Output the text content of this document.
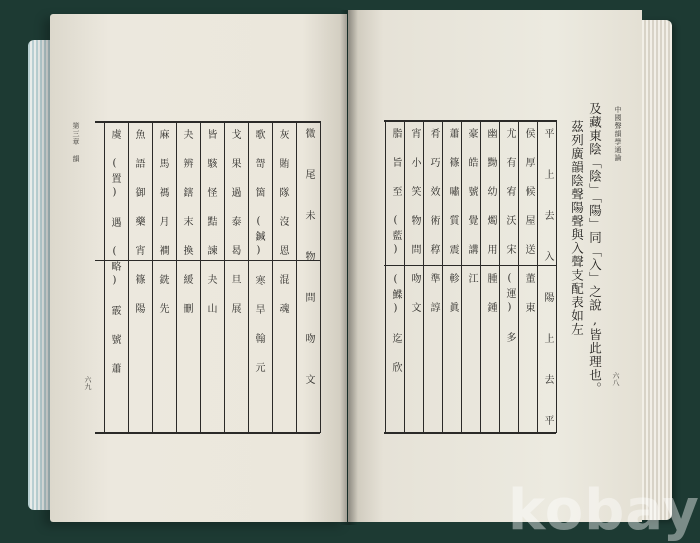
第三章 韻
六九	微 尾 未 物 問 吻 文
灰 賄 隊 沒 恩 混 魂
歌 哿 箇 (鍼) 寒 旱 翰 元
戈 果 過 泰 曷 旦 展
皆 駭 怪 黠 諫 夬 山
夬 辨 鎋 末 換 緩 刪
麻 馬 禡 月 襇 銑 先
魚 語 御 藥 宵 篠 陽
虞 (置) 遇 (略) 霰 號 蕭	中國聲韻學通論
六八
及藏東陰「陰」「陽」同「入」之說,皆此理也。
茲列廣韻陰聲陽聲與入聲支配表如左
平 上 去 入 陽 上 去 平
侯 厚 候 屋 送 董 東
尤 有 宥 沃 宋 (運) 多
幽 黝 幼 燭 用 腫 鍾
豪 皓 號 覺 講 江
蕭 篠 嘯 質 震 軫 眞
肴 巧 效 術 稕 準 諄
宵 小 笑 物 問 吻 文
脂 旨 至 (藍) (鰈) 迄 欣
kobay
